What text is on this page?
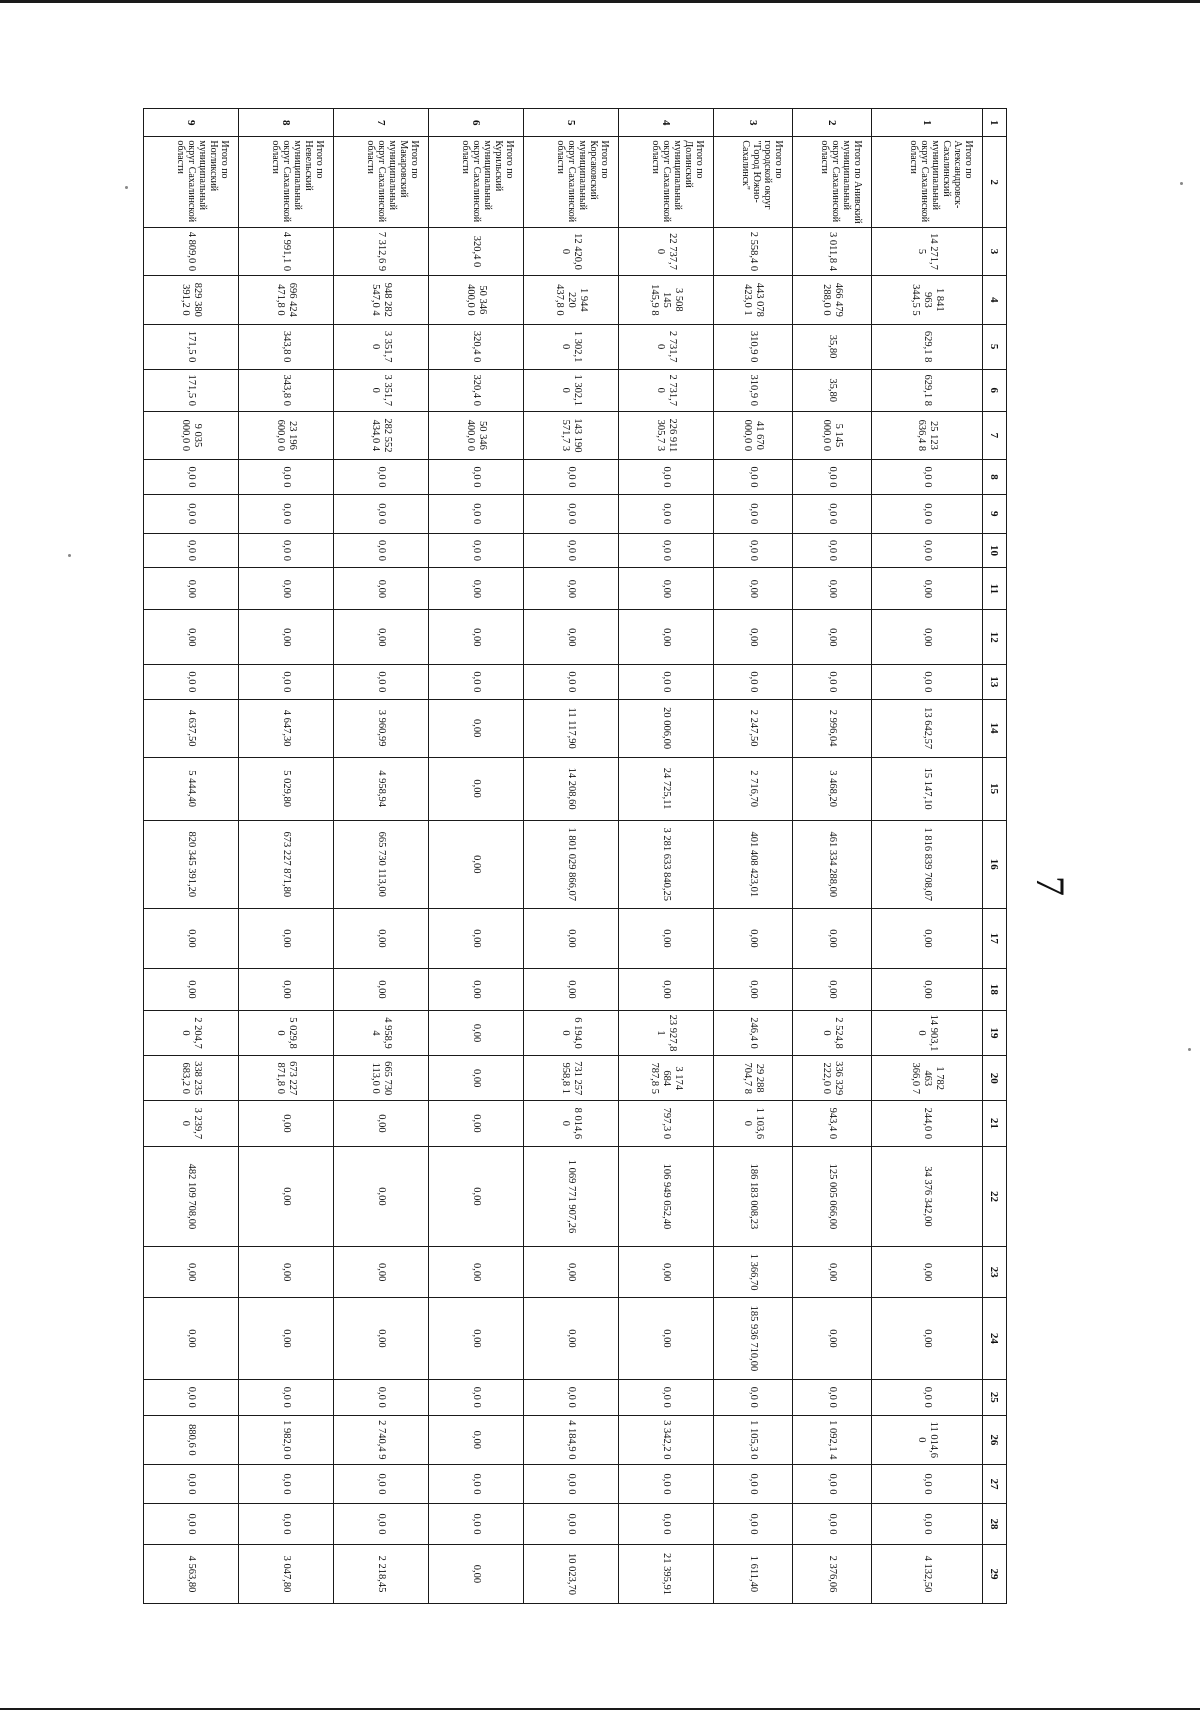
7
1	2	3	4	5	6	7	8	9	10	11	12	13	14	15	16	17	18	19	20	21	22	23	24	25	26	27	28	29
1	Итого по Александровск-Сахалинский муниципальный округ Сахалинской области	14 271,7 5	1 841 963 344,5 5	629,1 8	629,1 8	25 123 636,4 8	0,0 0	0,0 0	0,0 0	0,00	0,00	0,0 0	13 642,57	15 147,10	1 816 839 708,07	0,00	0,00	14 903,1 0	1 782 463 366,0 7	244,0 0	34 376 342,00	0,00	0,00	0,0 0	11 014,6 0	0,0 0	0,0 0	4 132,50
2	Итого по Анивский муниципальный округ Сахалинской области	3 011,8 4	466 479 288,0 0	35,80	35,80	5 145 000,0 0	0,0 0	0,0 0	0,0 0	0,00	0,00	0,0 0	2 996,04	3 468,20	461 334 288,00	0,00	0,00	2 524,8 0	336 329 222,0 0	943,4 0	125 005 066,00	0,00	0,00	0,0 0	1 092,1 4	0,0 0	0,0 0	2 376,06
3	Итого по городской округ "Город Южно-Сахалинск"	2 558,4 0	443 078 423,0 1	310,9 0	310,9 0	41 670 000,0 0	0,0 0	0,0 0	0,0 0	0,00	0,00	0,0 0	2 247,50	2 716,70	401 408 423,01	0,00	0,00	246,4 0	29 288 704,7 8	1 103,6 0	186 183 008,23	1 366,70	185 936 710,00	0,0 0	1 105,3 0	0,0 0	0,0 0	1 611,40
4	Итого по Долинский муниципальный округ Сахалинской области	22 737,7 0	3 508 145 145,9 8	2 731,7 0	2 731,7 0	226 911 305,7 3	0,0 0	0,0 0	0,0 0	0,00	0,00	0,0 0	20 006,00	24 725,11	3 281 633 840,25	0,00	0,00	23 927,8 1	3 174 684 787,8 5	797,3 0	106 949 052,40	0,00	0,00	0,0 0	3 342,2 0	0,0 0	0,0 0	21 395,91
5	Итого по Корсаковский муниципальный округ Сахалинской области	12 420,0 0	1 944 220 437,8 0	1 302,1 0	1 302,1 0	143 190 571,7 3	0,0 0	0,0 0	0,0 0	0,00	0,00	0,0 0	11 117,90	14 208,60	1 801 029 866,07	0,00	0,00	6 194,0 0	731 257 958,8 1	8 014,6 0	1 069 771 907,26	0,00	0,00	0,0 0	4 184,9 0	0,0 0	0,0 0	10 023,70
6	Итого по Курильский муниципальный округ Сахалинской области	320,4 0	50 346 400,0 0	320,4 0	320,4 0	50 346 400,0 0	0,0 0	0,0 0	0,0 0	0,00	0,00	0,0 0	0,00	0,00	0,00	0,00	0,00	0,00	0,00	0,00	0,00	0,00	0,00	0,0 0	0,00	0,0 0	0,0 0	0,00
7	Итого по Макаровский муниципальный округ Сахалинской области	7 312,6 9	948 282 547,0 4	3 351,7 0	3 351,7 0	282 552 434,0 4	0,0 0	0,0 0	0,0 0	0,00	0,00	0,0 0	3 960,99	4 958,94	665 730 113,00	0,00	0,00	4 958,9 4	665 730 113,0 0	0,00	0,00	0,00	0,00	0,0 0	2 740,4 9	0,0 0	0,0 0	2 218,45
8	Итого по Невельский муниципальный округ Сахалинской области	4 991,1 0	696 424 471,8 0	343,8 0	343,8 0	23 196 600,0 0	0,0 0	0,0 0	0,0 0	0,00	0,00	0,0 0	4 647,30	5 029,80	673 227 871,80	0,00	0,00	5 029,8 0	673 227 871,8 0	0,00	0,00	0,00	0,00	0,0 0	1 982,0 0	0,0 0	0,0 0	3 047,80
9	Итого по Ногликский муниципальный округ Сахалинской области	4 809,0 0	829 380 391,2 0	171,5 0	171,5 0	9 035 000,0 0	0,0 0	0,0 0	0,0 0	0,00	0,00	0,0 0	4 637,50	5 444,40	820 345 391,20	0,00	0,00	2 204,7 0	338 235 683,2 0	3 239,7 0	482 109 708,00	0,00	0,00	0,0 0	880,6 0	0,0 0	0,0 0	4 563,80
